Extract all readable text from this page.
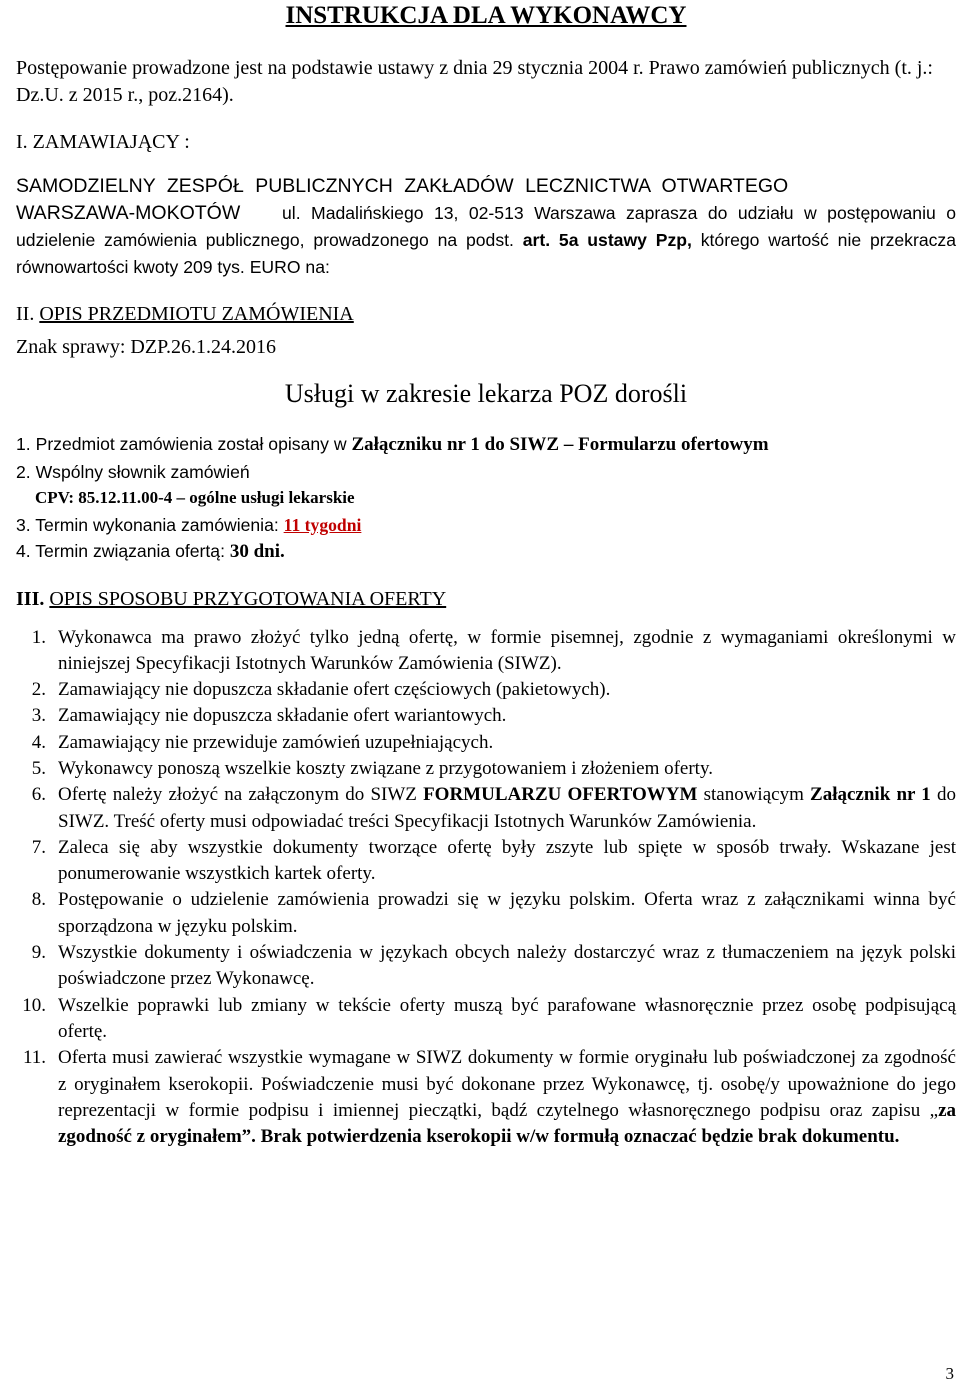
INSTRUKCJA DLA WYKONAWCY
Postępowanie prowadzone jest na podstawie ustawy z dnia 29 stycznia 2004 r. Prawo zamówień publicznych (t. j.: Dz.U. z 2015 r., poz.2164).
I. ZAMAWIAJĄCY :
SAMODZIELNY ZESPÓŁ PUBLICZNYCH ZAKŁADÓW LECZNICTWA OTWARTEGO
WARSZAWA-MOKOTÓW ul. Madalińskiego 13, 02-513 Warszawa zaprasza do udziału w postępowaniu o udzielenie zamówienia publicznego, prowadzonego na podst. art. 5a ustawy Pzp, którego wartość nie przekracza równowartości kwoty 209 tys. EURO na:
II. OPIS PRZEDMIOTU ZAMÓWIENIA
Znak sprawy: DZP.26.1.24.2016
Usługi w zakresie lekarza POZ dorośli
1. Przedmiot zamówienia został opisany w Załączniku nr 1 do SIWZ – Formularzu ofertowym
2. Wspólny słownik zamówień
CPV: 85.12.11.00-4 – ogólne usługi lekarskie
3. Termin wykonania zamówienia: 11 tygodni
4. Termin związania ofertą: 30 dni.
III. OPIS SPOSOBU PRZYGOTOWANIA OFERTY
1. Wykonawca ma prawo złożyć tylko jedną ofertę, w formie pisemnej, zgodnie z wymaganiami określonymi w niniejszej Specyfikacji Istotnych Warunków Zamówienia (SIWZ).
2. Zamawiający nie dopuszcza składanie ofert częściowych (pakietowych).
3. Zamawiający nie dopuszcza składanie ofert wariantowych.
4. Zamawiający nie przewiduje zamówień uzupełniających.
5. Wykonawcy ponoszą wszelkie koszty związane z przygotowaniem i złożeniem oferty.
6. Ofertę należy złożyć na załączonym do SIWZ FORMULARZU OFERTOWYM stanowiącym Załącznik nr 1 do SIWZ. Treść oferty musi odpowiadać treści Specyfikacji Istotnych Warunków Zamówienia.
7. Zaleca się aby wszystkie dokumenty tworzące ofertę były zszyte lub spięte w sposób trwały. Wskazane jest ponumerowanie wszystkich kartek oferty.
8. Postępowanie o udzielenie zamówienia prowadzi się w języku polskim. Oferta wraz z załącznikami winna być sporządzona w języku polskim.
9. Wszystkie dokumenty i oświadczenia w językach obcych należy dostarczyć wraz z tłumaczeniem na język polski poświadczone przez Wykonawcę.
10. Wszelkie poprawki lub zmiany w tekście oferty muszą być parafowane własnoręcznie przez osobę podpisującą ofertę.
11. Oferta musi zawierać wszystkie wymagane w SIWZ dokumenty w formie oryginału lub poświadczonej za zgodność z oryginałem kserokopii. Poświadczenie musi być dokonane przez Wykonawcę, tj. osobę/y upoważnione do jego reprezentacji w formie podpisu i imiennej pieczątki, bądź czytelnego własnoręcznego podpisu oraz zapisu „za zgodność z oryginałem”. Brak potwierdzenia kserokopii w/w formułą oznaczać będzie brak dokumentu.
3
